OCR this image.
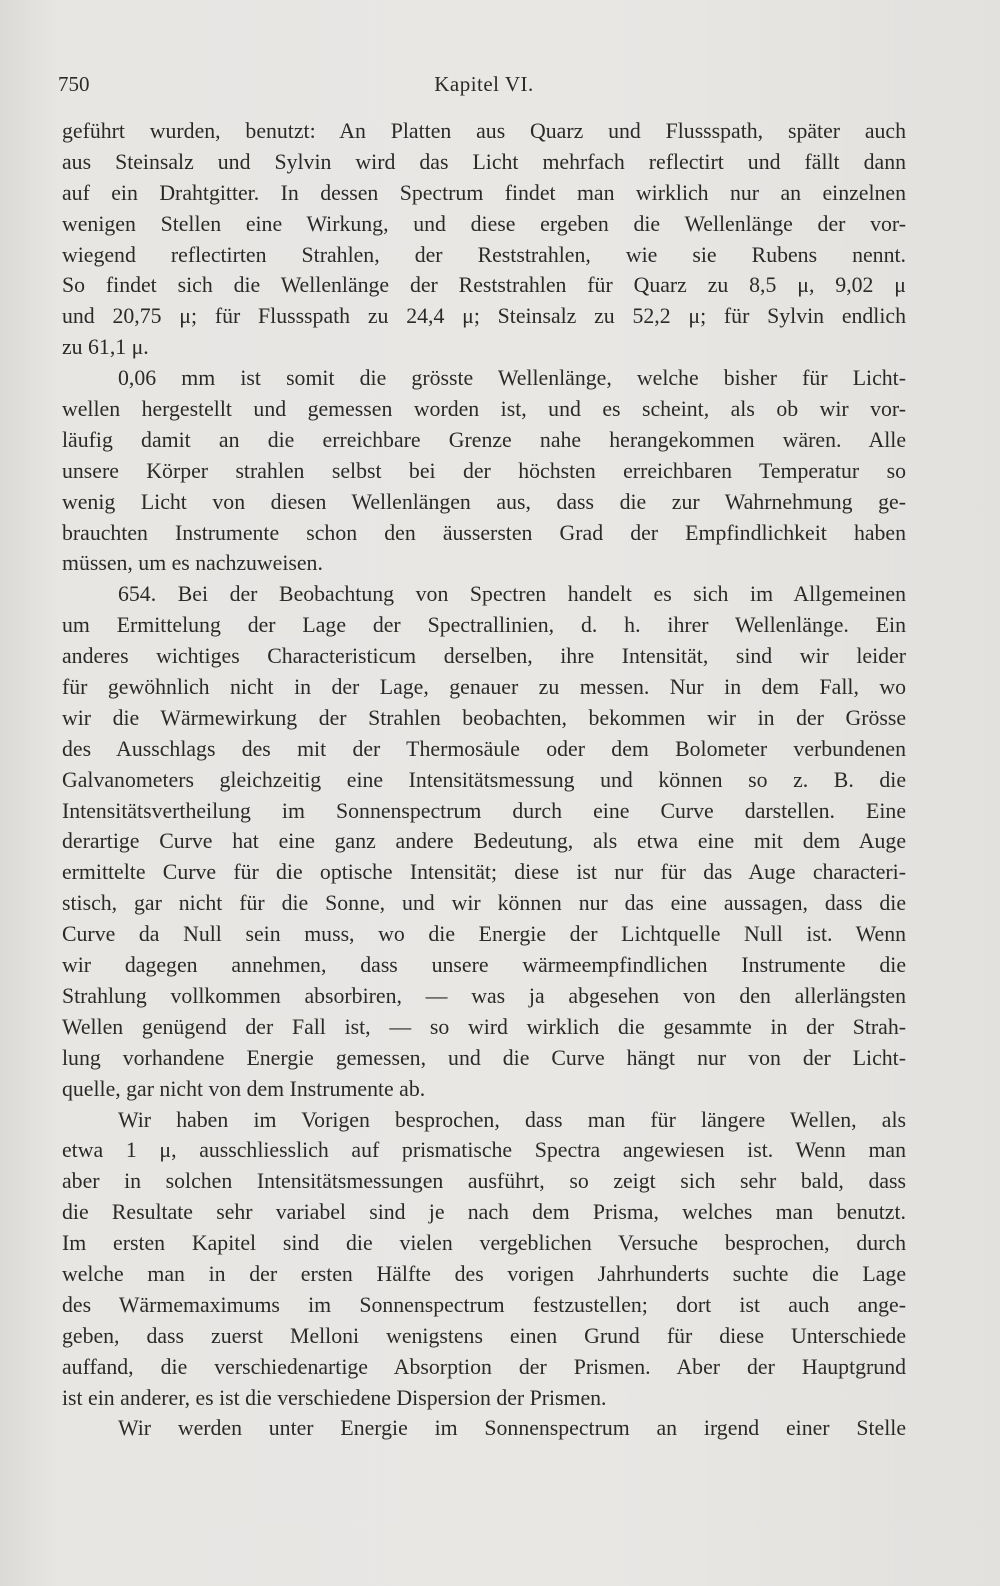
750	Kapitel VI.
geführt wurden, benutzt: An Platten aus Quarz und Flussspath, später auch
aus Steinsalz und Sylvin wird das Licht mehrfach reflectirt und fällt dann
auf ein Drahtgitter. In dessen Spectrum findet man wirklich nur an einzelnen
wenigen Stellen eine Wirkung, und diese ergeben die Wellenlänge der vor-
wiegend reflectirten Strahlen, der Reststrahlen, wie sie Rubens nennt.
So findet sich die Wellenlänge der Reststrahlen für Quarz zu 8,5 μ, 9,02 μ
und 20,75 μ; für Flussspath zu 24,4 μ; Steinsalz zu 52,2 μ; für Sylvin endlich
zu 61,1 μ.
0,06 mm ist somit die grösste Wellenlänge, welche bisher für Licht-
wellen hergestellt und gemessen worden ist, und es scheint, als ob wir vor-
läufig damit an die erreichbare Grenze nahe herangekommen wären. Alle
unsere Körper strahlen selbst bei der höchsten erreichbaren Temperatur so
wenig Licht von diesen Wellenlängen aus, dass die zur Wahrnehmung ge-
brauchten Instrumente schon den äussersten Grad der Empfindlichkeit haben
müssen, um es nachzuweisen.
654. Bei der Beobachtung von Spectren handelt es sich im Allgemeinen
um Ermittelung der Lage der Spectrallinien, d. h. ihrer Wellenlänge. Ein
anderes wichtiges Characteristicum derselben, ihre Intensität, sind wir leider
für gewöhnlich nicht in der Lage, genauer zu messen. Nur in dem Fall, wo
wir die Wärmewirkung der Strahlen beobachten, bekommen wir in der Grösse
des Ausschlags des mit der Thermosäule oder dem Bolometer verbundenen
Galvanometers gleichzeitig eine Intensitätsmessung und können so z. B. die
Intensitätsvertheilung im Sonnenspectrum durch eine Curve darstellen. Eine
derartige Curve hat eine ganz andere Bedeutung, als etwa eine mit dem Auge
ermittelte Curve für die optische Intensität; diese ist nur für das Auge characteri-
stisch, gar nicht für die Sonne, und wir können nur das eine aussagen, dass die
Curve da Null sein muss, wo die Energie der Lichtquelle Null ist. Wenn
wir dagegen annehmen, dass unsere wärmeempfindlichen Instrumente die
Strahlung vollkommen absorbiren, — was ja abgesehen von den allerlängsten
Wellen genügend der Fall ist, — so wird wirklich die gesammte in der Strah-
lung vorhandene Energie gemessen, und die Curve hängt nur von der Licht-
quelle, gar nicht von dem Instrumente ab.
Wir haben im Vorigen besprochen, dass man für längere Wellen, als
etwa 1 μ, ausschliesslich auf prismatische Spectra angewiesen ist. Wenn man
aber in solchen Intensitätsmessungen ausführt, so zeigt sich sehr bald, dass
die Resultate sehr variabel sind je nach dem Prisma, welches man benutzt.
Im ersten Kapitel sind die vielen vergeblichen Versuche besprochen, durch
welche man in der ersten Hälfte des vorigen Jahrhunderts suchte die Lage
des Wärmemaximums im Sonnenspectrum festzustellen; dort ist auch ange-
geben, dass zuerst Melloni wenigstens einen Grund für diese Unterschiede
auffand, die verschiedenartige Absorption der Prismen. Aber der Hauptgrund
ist ein anderer, es ist die verschiedene Dispersion der Prismen.
Wir werden unter Energie im Sonnenspectrum an irgend einer Stelle
